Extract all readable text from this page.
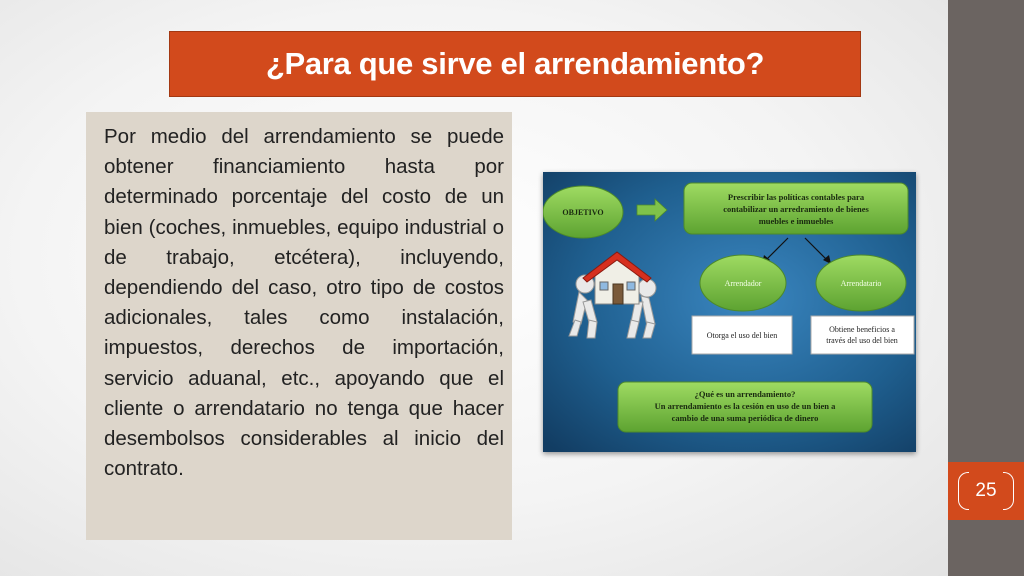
25
¿Para que sirve el arrendamiento?

Por medio del arrendamiento se puede obtener financiamiento hasta por determinado porcentaje del costo de un bien (coches, inmuebles, equipo industrial o de trabajo, etcétera), incluyendo, dependiendo del caso, otro tipo de costos adicionales, tales como instalación, impuestos, derechos de importación, servicio aduanal, etc., apoyando que el cliente o arrendatario no tenga que hacer desembolsos considerables al inicio del contrato.

OBJETIVO
Prescribir las políticas contables para
contabilizar un arredramiento de bienes
muebles e inmuebles
Arrendador	Arrendatario
Otorga el uso del bien
Obtiene beneficios a
través del uso del bien
¿Qué es un arrendamiento?
Un arrendamiento es la cesión en uso de un bien a
cambio de una suma periódica de dinero
